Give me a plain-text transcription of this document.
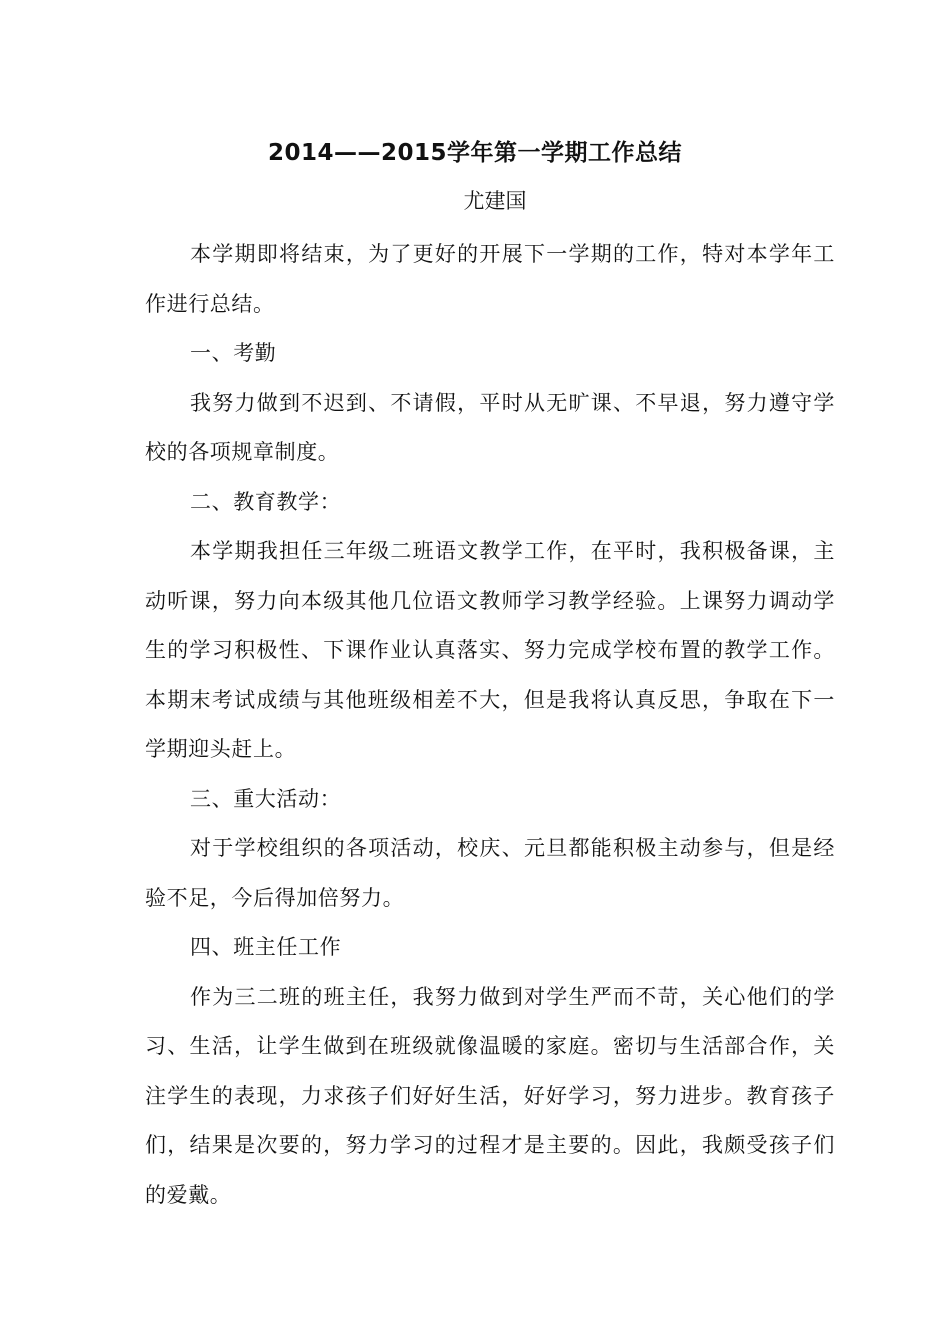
2014——2015学年第一学期工作总结
尤建国

本学期即将结束，为了更好的开展下一学期的工作，特对本学年工作进行总结。

一、考勤

我努力做到不迟到、不请假，平时从无旷课、不早退，努力遵守学校的各项规章制度。

二、教育教学：

本学期我担任三年级二班语文教学工作，在平时，我积极备课，主动听课，努力向本级其他几位语文教师学习教学经验。上课努力调动学生的学习积极性、下课作业认真落实、努力完成学校布置的教学工作。本期末考试成绩与其他班级相差不大，但是我将认真反思，争取在下一学期迎头赶上。

三、重大活动：

对于学校组织的各项活动，校庆、元旦都能积极主动参与，但是经验不足，今后得加倍努力。

四、班主任工作

作为三二班的班主任，我努力做到对学生严而不苛，关心他们的学习、生活，让学生做到在班级就像温暖的家庭。密切与生活部合作，关注学生的表现，力求孩子们好好生活，好好学习，努力进步。教育孩子们，结果是次要的，努力学习的过程才是主要的。因此，我颇受孩子们的爱戴。
